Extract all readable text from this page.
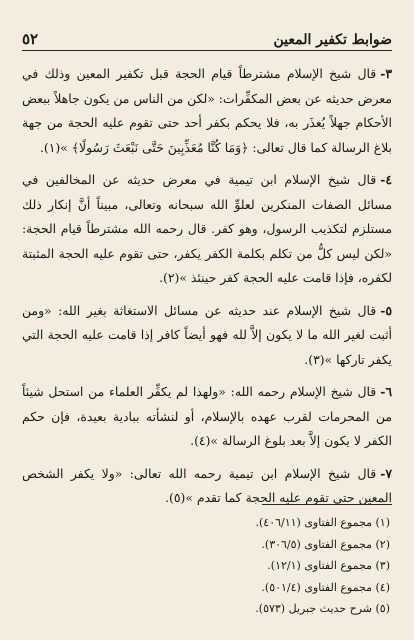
٥٢	ضوابط تكفير المعين

٣-قال شيخ الإسلام مشترطاً قيام الحجة قبل تكفير المعين وذلك في معرض حديثه عن بعض المكفِّرات: «لكن من الناس من يكون جاهلاً ببعض الأحكام جهلاً يُعذَر به، فلا يحكم بكفر أحد حتى تقوم عليه الحجة من جهة بلاغ الرسالة كما قال تعالى: ﴿وَمَا كُنَّا مُعَذِّبِينَ حَتَّى نَبْعَثَ رَسُولًا﴾ »(١).

٤-قال شيخ الإسلام ابن تيمية في معرض حديثه عن المخالفين في مسائل الصفات المنكرين لعلوِّ الله سبحانه وتعالى، مبيناً أنَّ إنكار ذلك مستلزم لتكذيب الرسول، وهو كفر. قال رحمه الله مشترطاً قيام الحجة: «لكن ليس كلُّ من تكلم بكلمة الكفر يكفر، حتى تقوم عليه الحجة المثبتة لكفره، فإذا قامت عليه الحجة كفر حينئذ »(٢).

٥-قال شيخ الإسلام عند حديثه عن مسائل الاستغاثة بغير الله: «ومن أثبت لغير الله ما لا يكون إلاَّ لله فهو أيضاً كافر إذا قامت عليه الحجة التي يكفر تاركها »(٣).

٦-قال شيخ الإسلام رحمه الله: «ولهذا لم يكفِّر العلماء من استحل شيئاً من المحرمات لقرب عهده بالإسلام، أو لنشأته ببادية بعيدة، فإن حكم الكفر لا يكون إلاَّ بعد بلوغ الرسالة »(٤).

٧-قال شيخ الإسلام ابن تيمية رحمه الله تعالى: «ولا يكفر الشخص المعين حتى تقوم عليه الحجة كما تقدم »(٥).

(١) مجموع الفتاوى (٤٠٦/١١).
(٢) مجموع الفتاوى (٣٠٦/٥).
(٣) مجموع الفتاوى (١٢/١).
(٤) مجموع الفتاوى (٥٠١/٤).
(٥) شرح حديث جبريل (٥٧٣).
